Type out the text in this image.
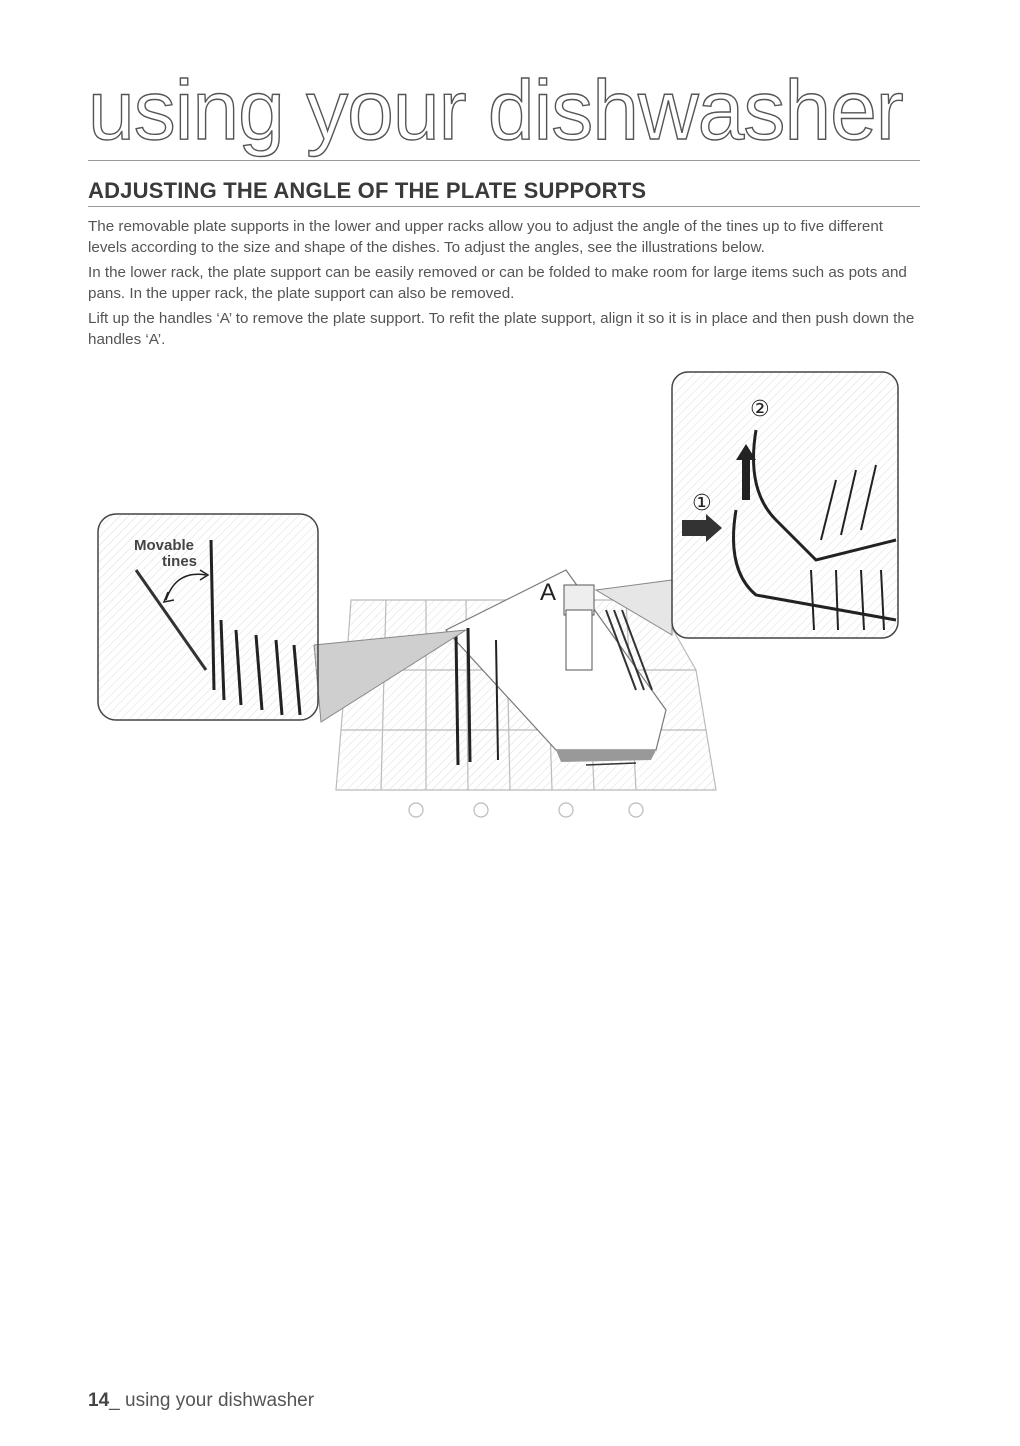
using your dishwasher
ADJUSTING THE ANGLE OF THE PLATE SUPPORTS

The removable plate supports in the lower and upper racks allow you to adjust the angle of the tines up to five different levels according to the size and shape of the dishes. To adjust the angles, see the illustrations below.

In the lower rack, the plate support can be easily removed or can be folded to make room for large items such as pots and pans. In the upper rack, the plate support can also be removed.

Lift up the handles ‘A’ to remove the plate support. To refit the plate support, align it so it is in place and then push down the handles ‘A’.

A
Movable
tines
②
①
14_ using your dishwasher
